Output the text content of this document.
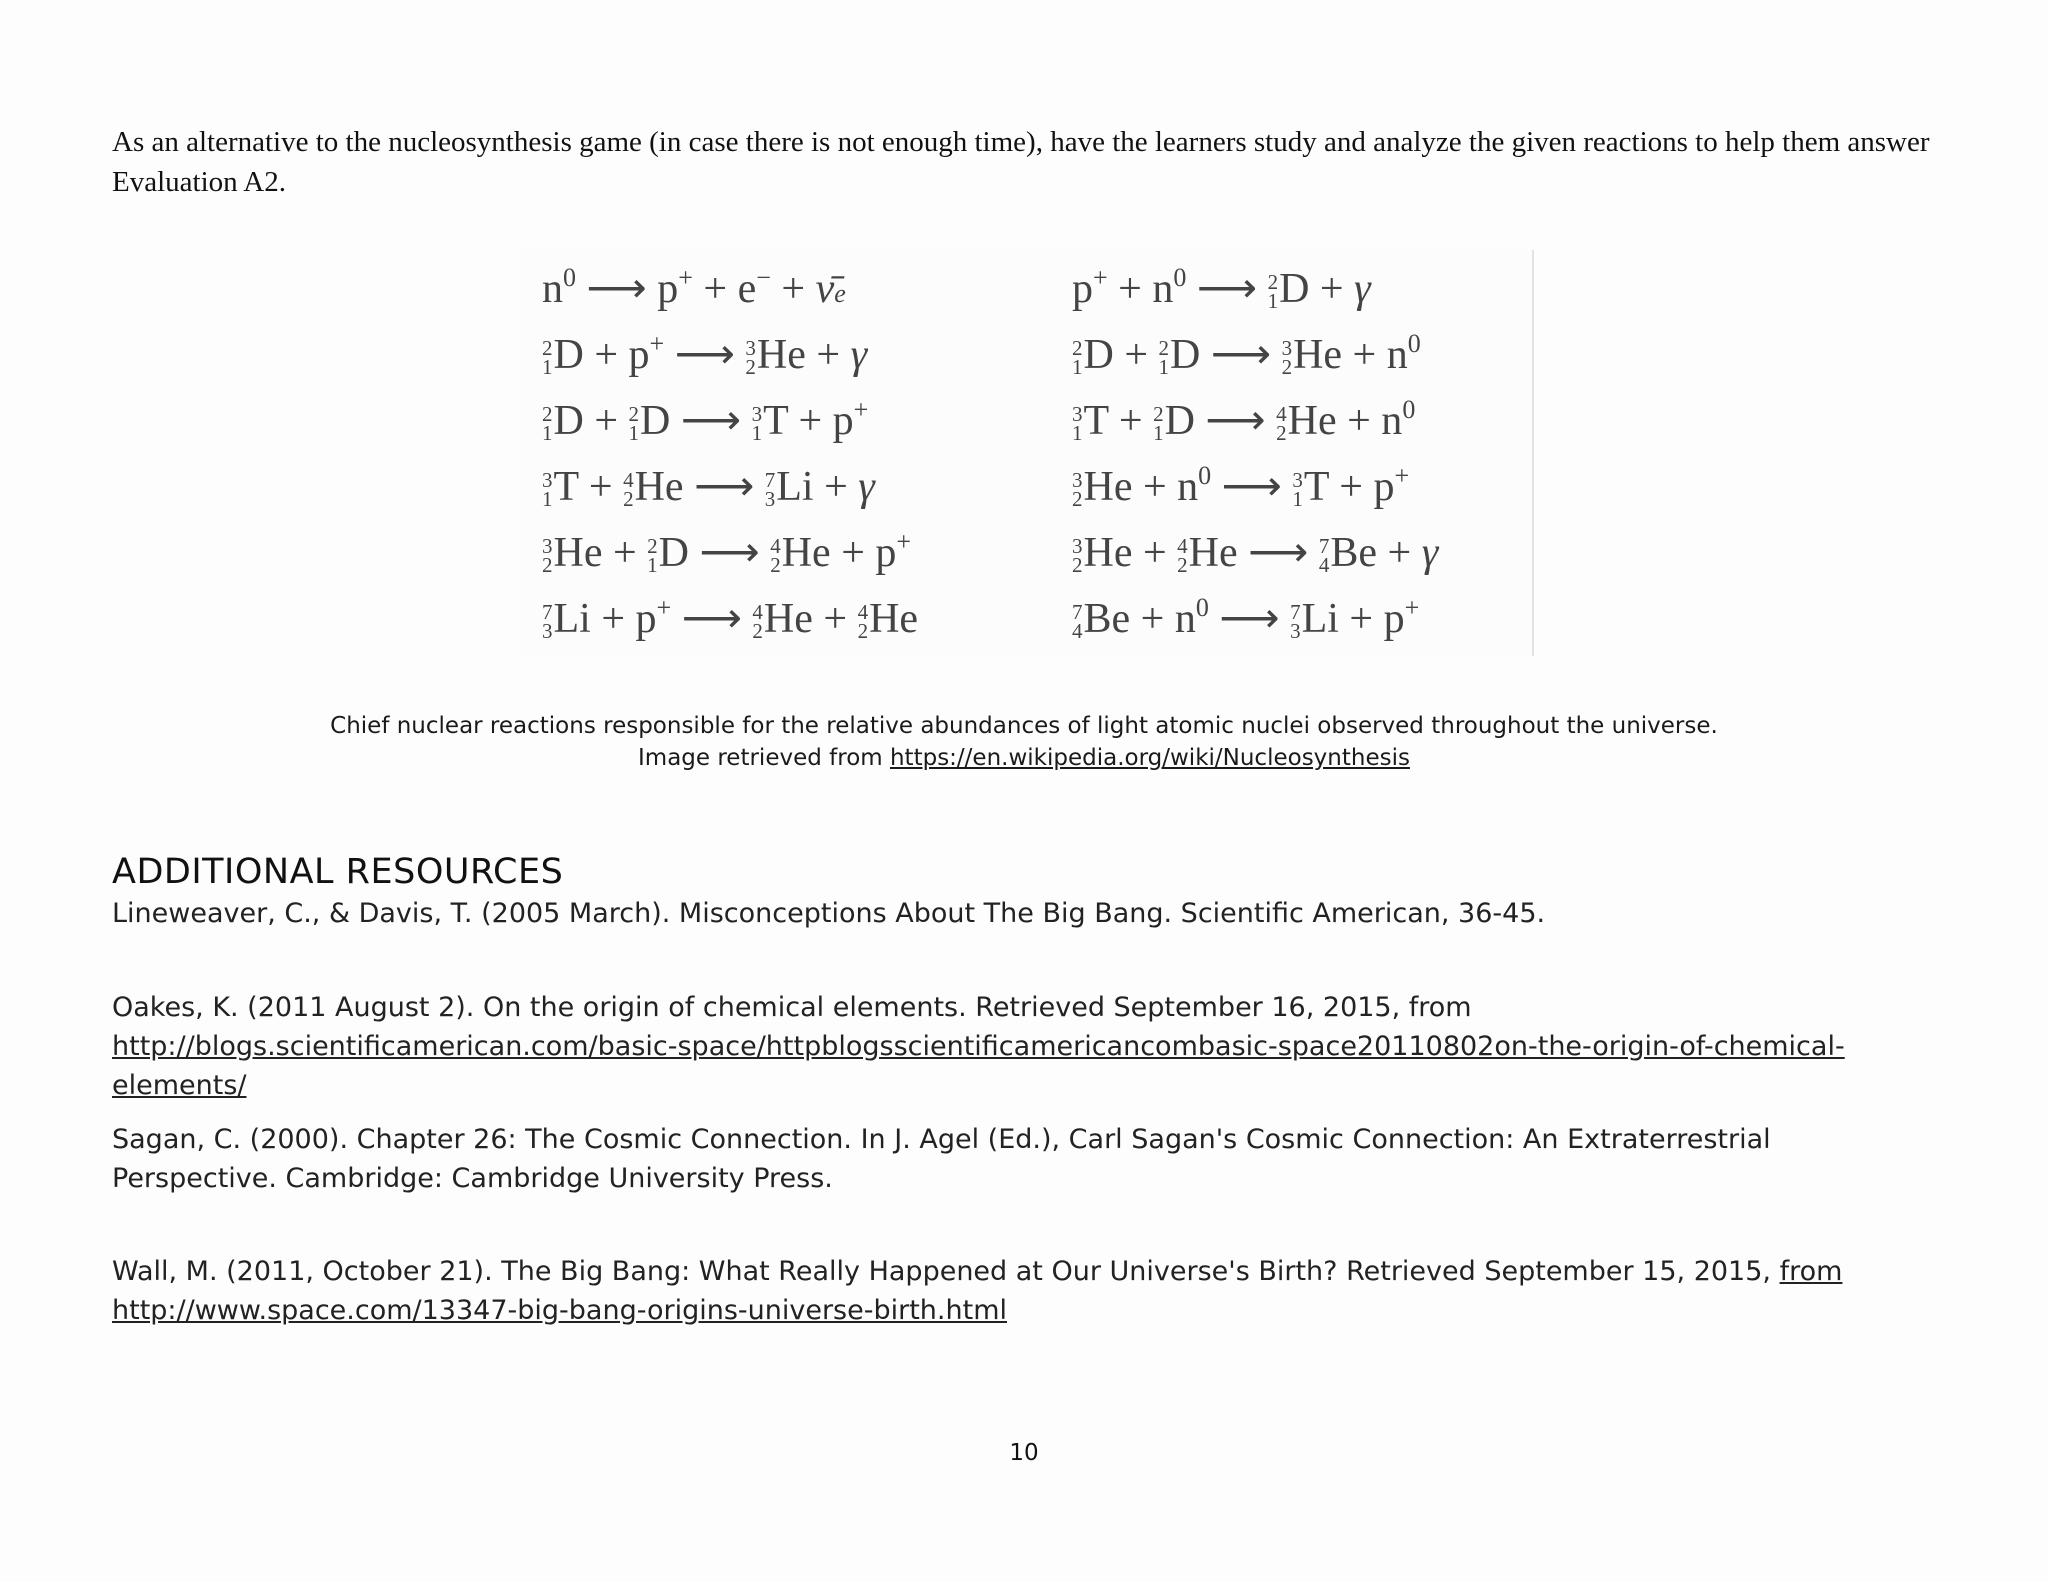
As an alternative to the nucleosynthesis game (in case there is not enough time), have the learners study and analyze the given reactions to help them answer Evaluation A2.

$n^0$ ⟶ p+ + e− + ν̄e
2
1 D + p+ ⟶ 3
2 He + γ
2
1 D + 2
1 D ⟶ 3
1 T + p+
3
1 T + 4
2 He ⟶ 7
3 Li + γ
3
2 He + 2
1 D ⟶ 4
2 He + p+
7
3 Li + p+ ⟶ 4
2 He + 4
2 He
$p^+ + n^0$ ⟶ 2
1 D + γ
2
1 D + 2
1 D ⟶ 3
2 $He + n^0$
3
1 T + 2
1 D ⟶ 4
2 $He + n^0$
3
2 $He + n^0$ ⟶ 3
1 T + p+
3
2 He + 4
2 He ⟶ 7
4 Be + γ
7
4 $Be + n^0$ ⟶ 7
3 Li + p+
Chief nuclear reactions responsible for the relative abundances of light atomic nuclei observed throughout the universe.
Image retrieved from https://en.wikipedia.org/wiki/Nucleosynthesis
ADDITIONAL RESOURCES

Lineweaver, C., & Davis, T. (2005 March). Misconceptions About The Big Bang. Scientific American, 36-45.

Oakes, K. (2011 August 2). On the origin of chemical elements. Retrieved September 16, 2015, from http://blogs.scientificamerican.com/basic-space/httpblogsscientificamericancombasic-space20110802on-the-origin-of-chemical-elements/

Sagan, C. (2000). Chapter 26: The Cosmic Connection. In J. Agel (Ed.), Carl Sagan's Cosmic Connection: An Extraterrestrial Perspective. Cambridge: Cambridge University Press.

Wall, M. (2011, October 21). The Big Bang: What Really Happened at Our Universe's Birth? Retrieved September 15, 2015, from http://www.space.com/13347-big-bang-origins-universe-birth.html

10
